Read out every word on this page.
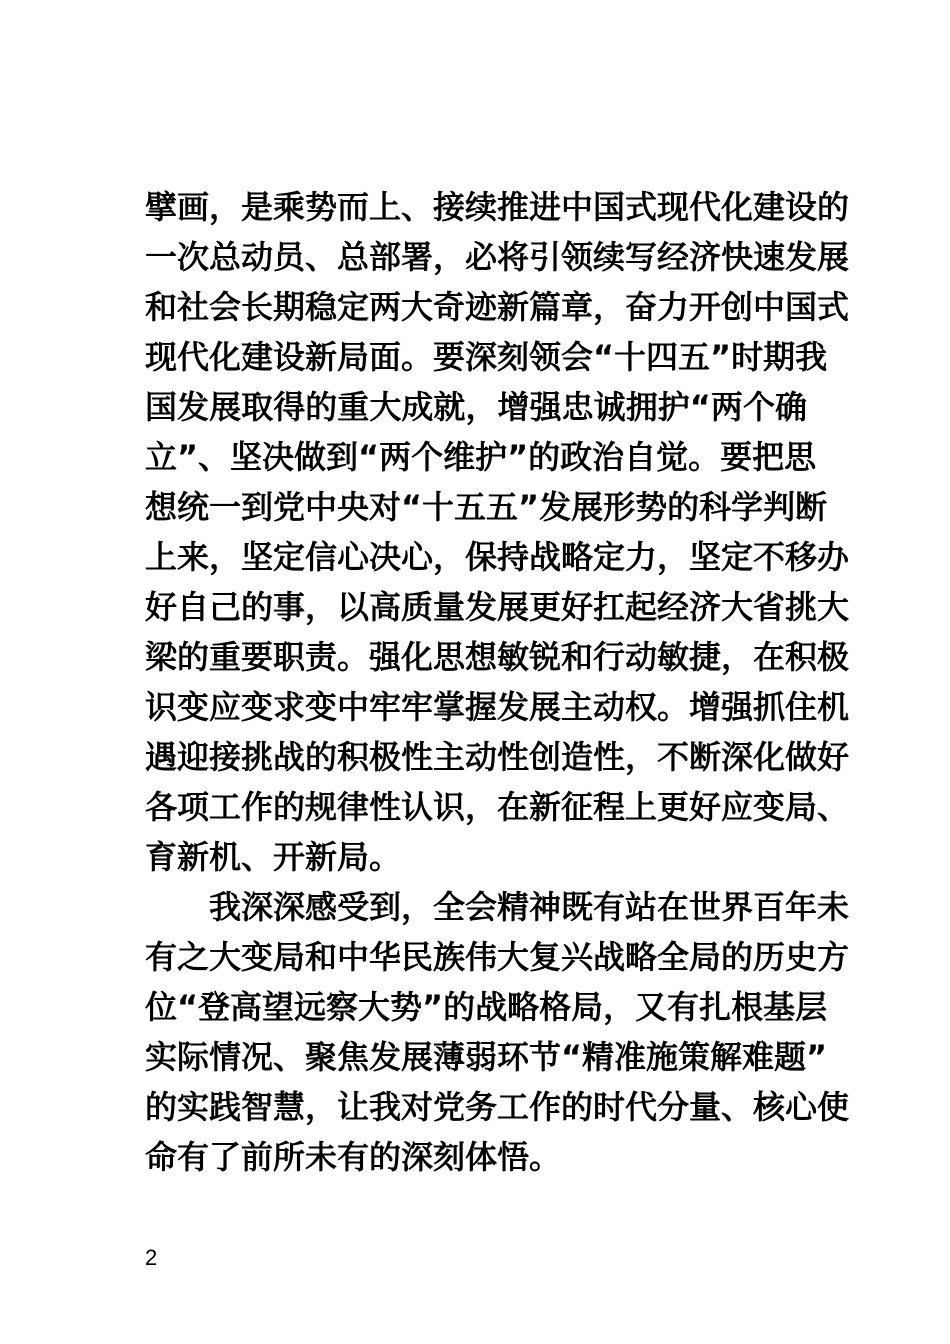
擘画，是乘势而上、接续推进中国式现代化建设的
一次总动员、总部署，必将引领续写经济快速发展
和社会长期稳定两大奇迹新篇章，奋力开创中国式
现代化建设新局面。要深刻领会“十四五”时期我
国发展取得的重大成就，增强忠诚拥护“两个确
立”、坚决做到“两个维护”的政治自觉。要把思
想统一到党中央对“十五五”发展形势的科学判断
上来，坚定信心决心，保持战略定力，坚定不移办
好自己的事，以高质量发展更好扛起经济大省挑大
梁的重要职责。强化思想敏锐和行动敏捷，在积极
识变应变求变中牢牢掌握发展主动权。增强抓住机
遇迎接挑战的积极性主动性创造性，不断深化做好
各项工作的规律性认识，在新征程上更好应变局、
育新机、开新局。
我深深感受到，全会精神既有站在世界百年未
有之大变局和中华民族伟大复兴战略全局的历史方
位“登高望远察大势”的战略格局，又有扎根基层
实际情况、聚焦发展薄弱环节“精准施策解难题”
的实践智慧，让我对党务工作的时代分量、核心使
命有了前所未有的深刻体悟。
2
